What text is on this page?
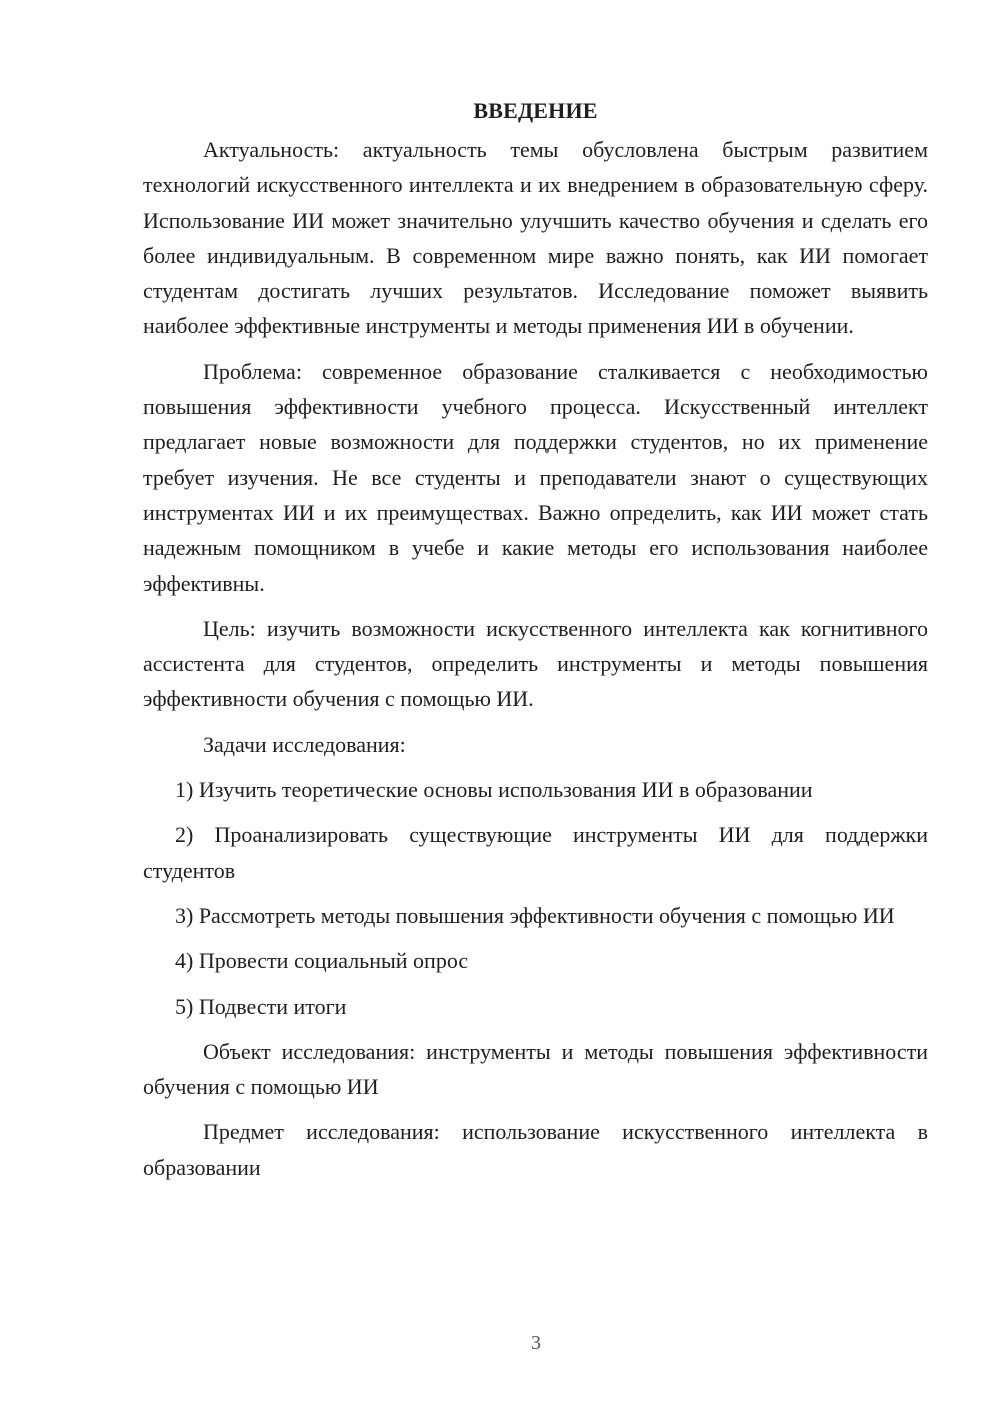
ВВЕДЕНИЕ

Актуальность: актуальность темы обусловлена быстрым развитием технологий искусственного интеллекта и их внедрением в образовательную сферу. Использование ИИ может значительно улучшить качество обучения и сделать его более индивидуальным. В современном мире важно понять, как ИИ помогает студентам достигать лучших результатов. Исследование поможет выявить наиболее эффективные инструменты и методы применения ИИ в обучении.

Проблема: современное образование сталкивается с необходимостью повышения эффективности учебного процесса. Искусственный интеллект предлагает новые возможности для поддержки студентов, но их применение требует изучения. Не все студенты и преподаватели знают о существующих инструментах ИИ и их преимуществах. Важно определить, как ИИ может стать надежным помощником в учебе и какие методы его использования наиболее эффективны.

Цель: изучить возможности искусственного интеллекта как когнитивного ассистента для студентов, определить инструменты и методы повышения эффективности обучения с помощью ИИ.

Задачи исследования:

1) Изучить теоретические основы использования ИИ в образовании

2) Проанализировать существующие инструменты ИИ для поддержки студентов

3) Рассмотреть методы повышения эффективности обучения с помощью ИИ

4) Провести социальный опрос

5) Подвести итоги

Объект исследования: инструменты и методы повышения эффективности обучения с помощью ИИ

Предмет исследования: использование искусственного интеллекта в образовании

3
